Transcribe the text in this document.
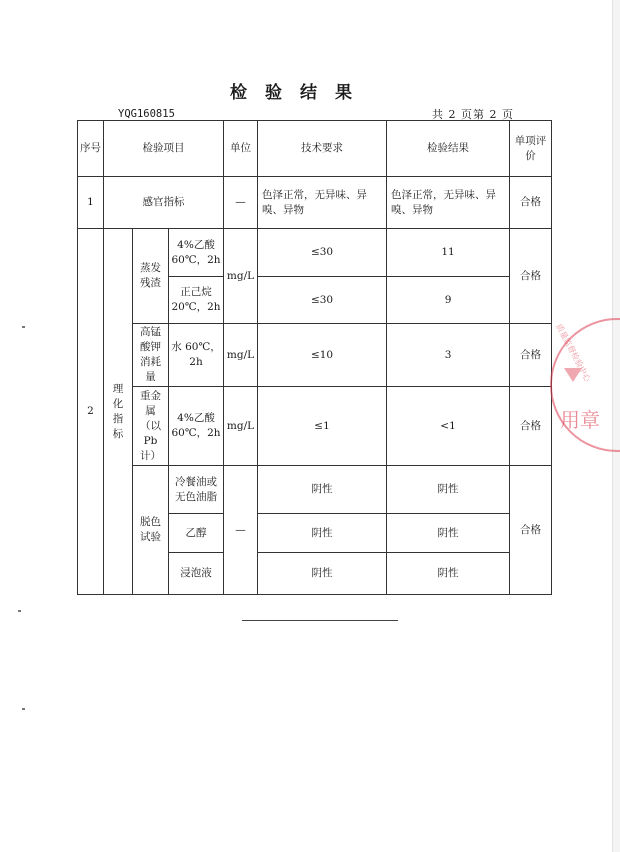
检验结果
YQG160815	共 2 页第 2 页
序号	检验项目			单位	技术要求	检验结果	单项评价
1	感官指标			—	色泽正常，无异味、异嗅、异物	色泽正常，无异味、异嗅、异物	合格
2	理化指标	蒸发残渣	4%乙酸 60℃，2h	mg/L	≤30	11	合格
			正己烷 20℃，2h		≤30	9	
		高锰酸钾消耗量	水 60℃，2h	mg/L	≤10	3	合格
		重金属（以Pb计）	4%乙酸 60℃，2h	mg/L	≤1	<1	合格
		脱色试验	冷餐油或无色油脂	—	阴性	阴性	合格
			乙醇		阴性	阴性	
			浸泡液		阴性	阴性	
质量监督检验中心
用章
